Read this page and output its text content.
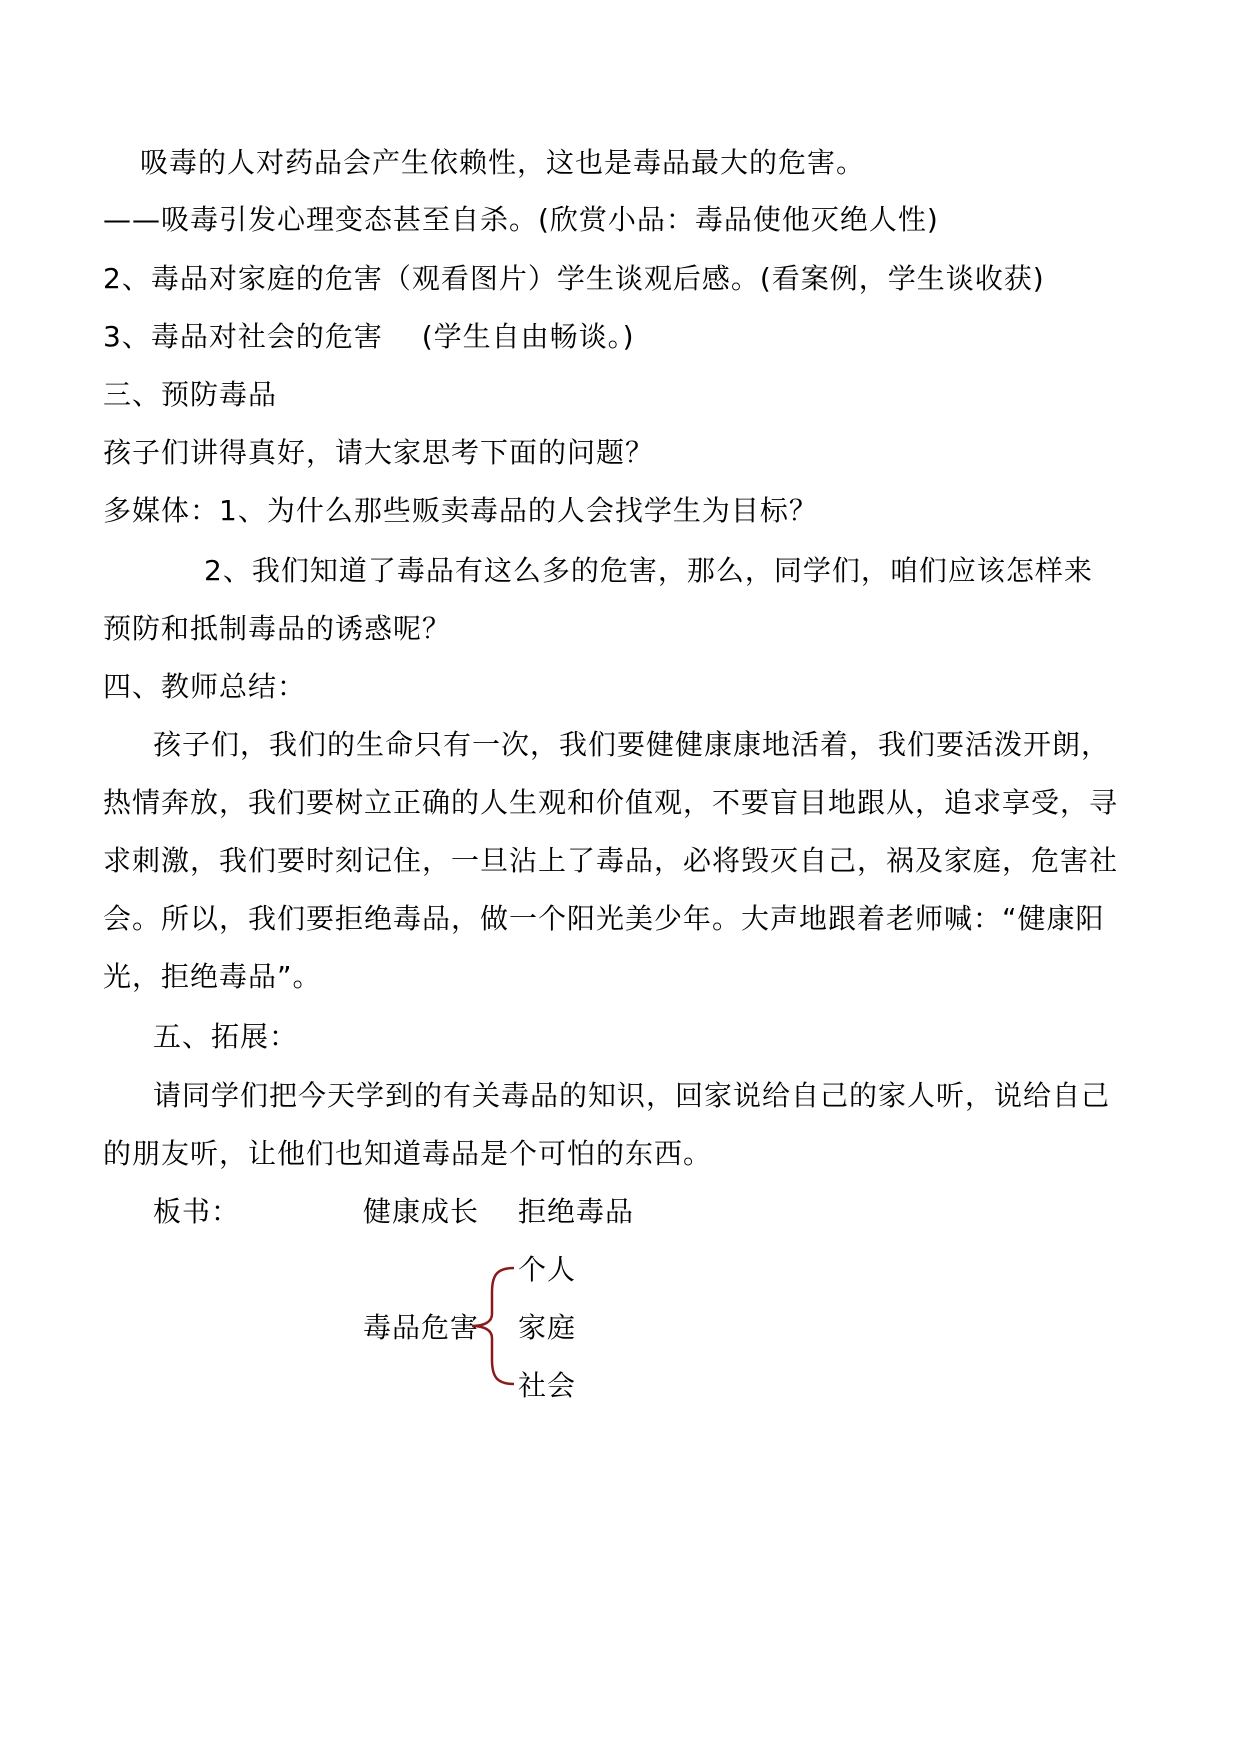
吸毒的人对药品会产生依赖性，这也是毒品最大的危害。
——吸毒引发心理变态甚至自杀。(欣赏小品：毒品使他灭绝人性)
2、毒品对家庭的危害（观看图片）学生谈观后感。(看案例，学生谈收获)
3、毒品对社会的危害　 (学生自由畅谈。)
三、预防毒品
孩子们讲得真好，请大家思考下面的问题？
多媒体：1、为什么那些贩卖毒品的人会找学生为目标？
2、我们知道了毒品有这么多的危害，那么，同学们，咱们应该怎样来
预防和抵制毒品的诱惑呢？
四、教师总结：
孩子们，我们的生命只有一次，我们要健健康康地活着，我们要活泼开朗，
热情奔放，我们要树立正确的人生观和价值观，不要盲目地跟从，追求享受，寻
求刺激，我们要时刻记住，一旦沾上了毒品，必将毁灭自己，祸及家庭，危害社
会。所以，我们要拒绝毒品，做一个阳光美少年。大声地跟着老师喊：“健康阳
光，拒绝毒品”。
五、拓展：
请同学们把今天学到的有关毒品的知识，回家说给自己的家人听，说给自己
的朋友听，让他们也知道毒品是个可怕的东西。
板书：	健康成长 拒绝毒品
毒品危害
个人
家庭
社会
